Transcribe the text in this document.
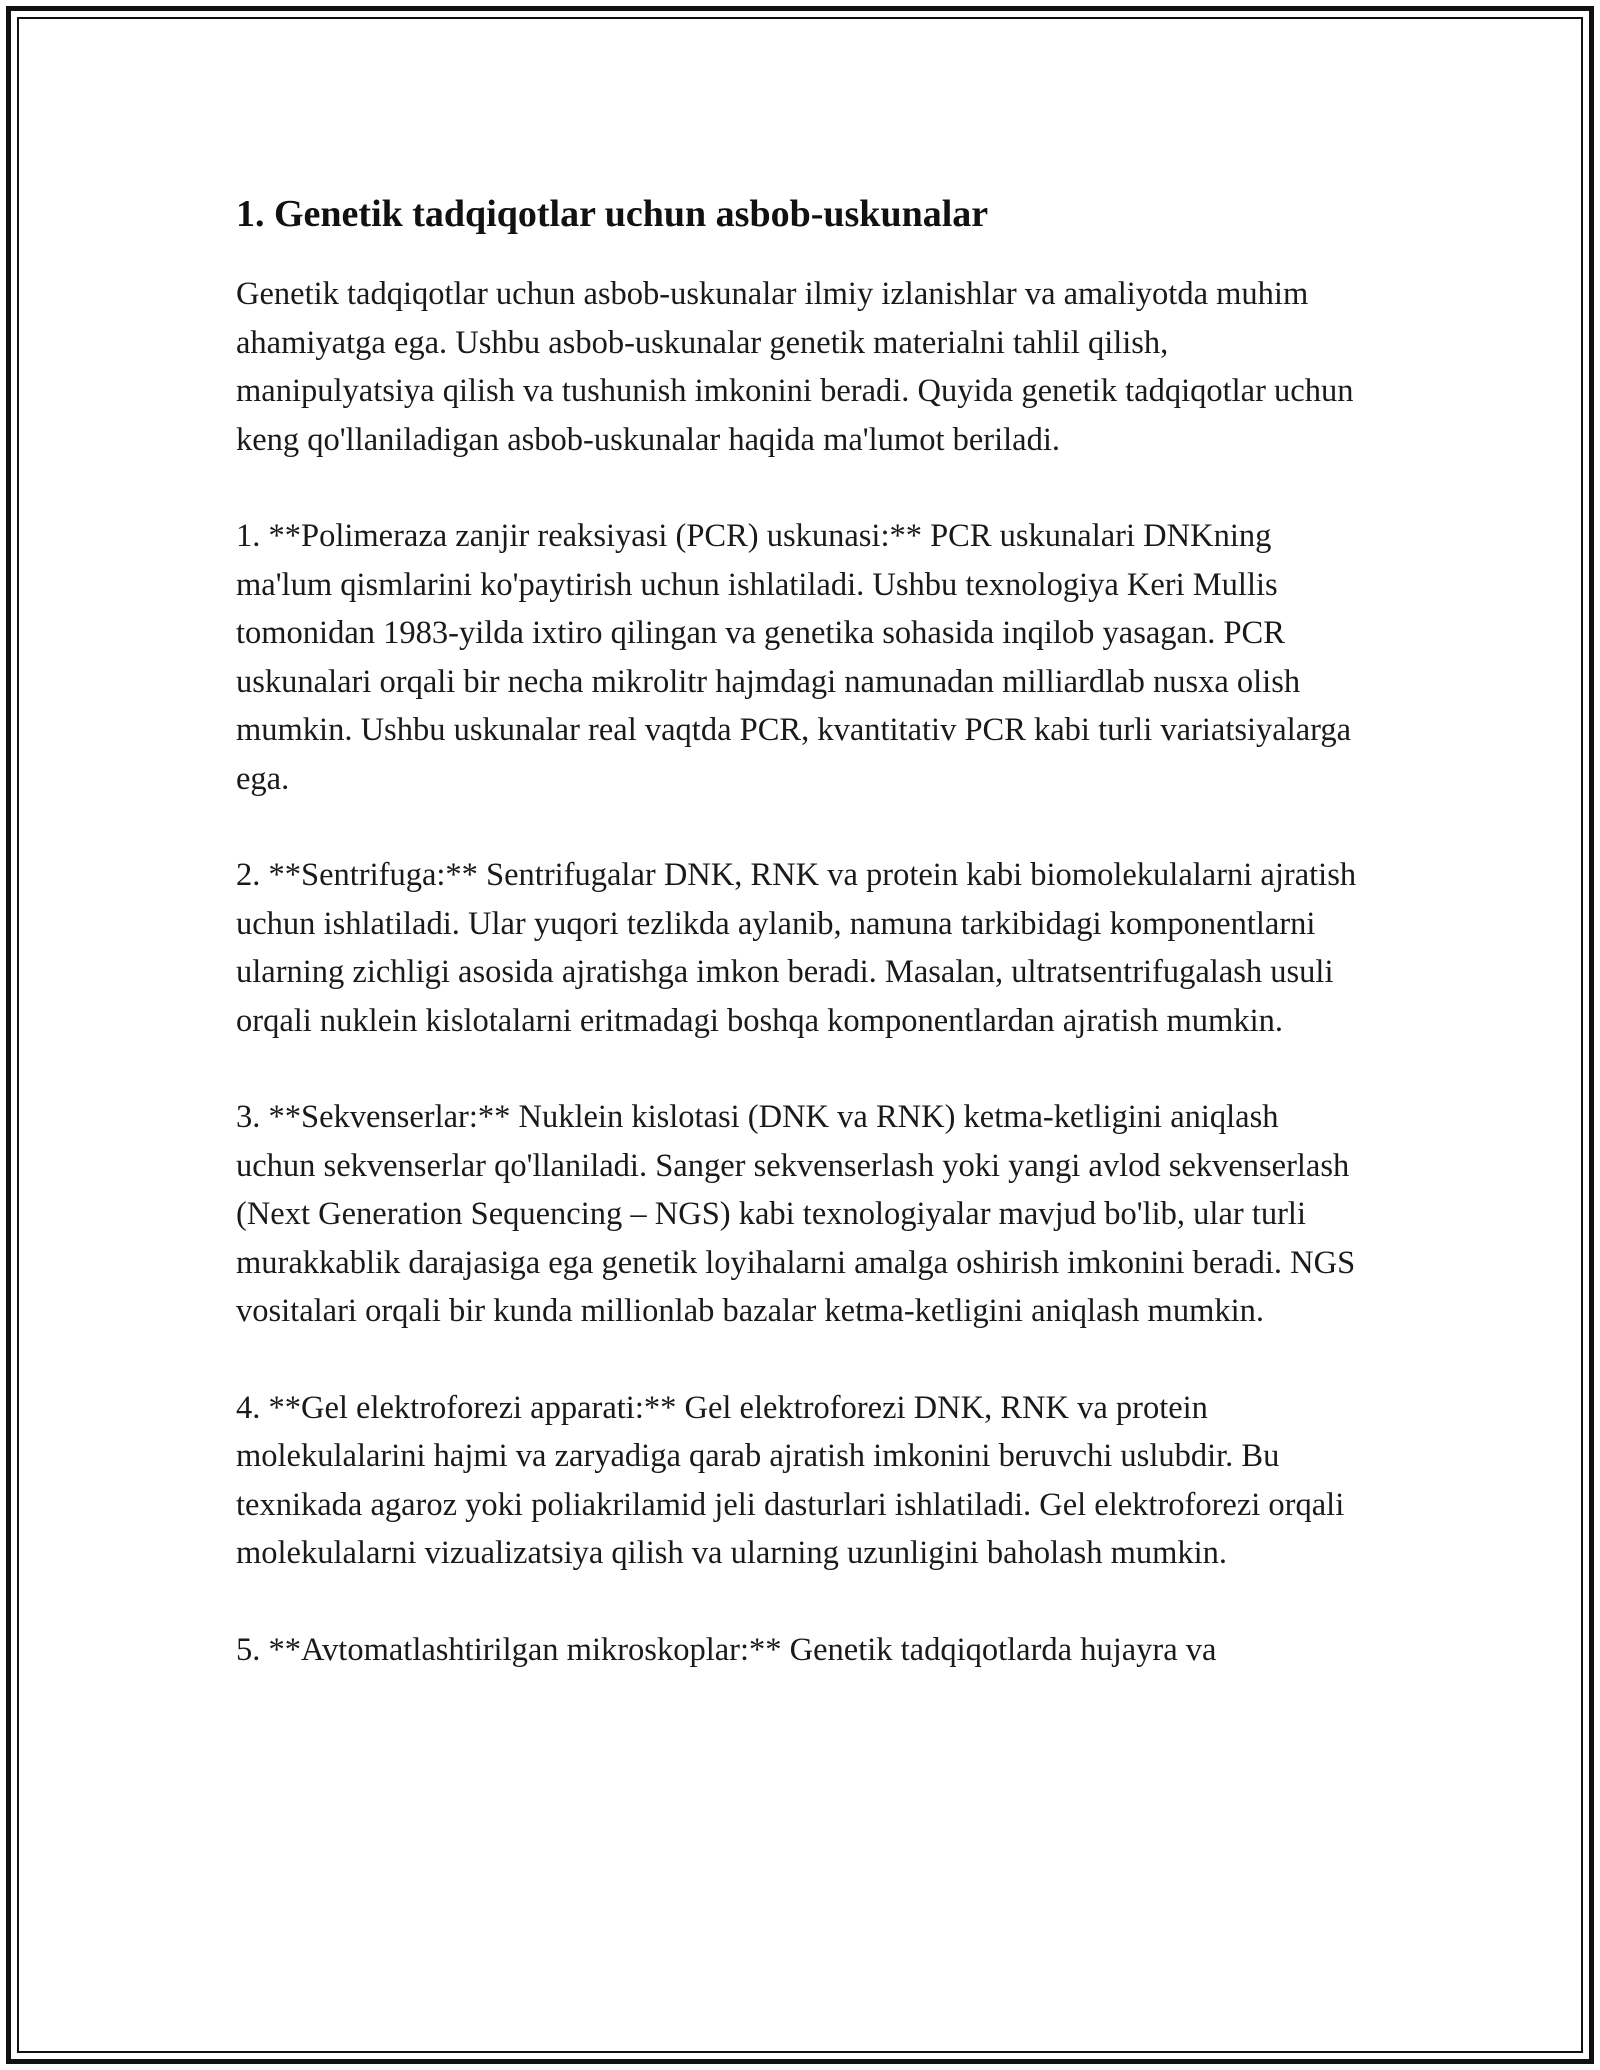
1. Genetik tadqiqotlar uchun asbob-uskunalar

Genetik tadqiqotlar uchun asbob-uskunalar ilmiy izlanishlar va amaliyotda muhim ahamiyatga ega. Ushbu asbob-uskunalar genetik materialni tahlil qilish, manipulyatsiya qilish va tushunish imkonini beradi. Quyida genetik tadqiqotlar uchun keng qo'llaniladigan asbob-uskunalar haqida ma'lumot beriladi.

1. **Polimeraza zanjir reaksiyasi (PCR) uskunasi:** PCR uskunalari DNKning ma'lum qismlarini ko'paytirish uchun ishlatiladi. Ushbu texnologiya Keri Mullis tomonidan 1983-yilda ixtiro qilingan va genetika sohasida inqilob yasagan. PCR uskunalari orqali bir necha mikrolitr hajmdagi namunadan milliardlab nusxa olish mumkin. Ushbu uskunalar real vaqtda PCR, kvantitativ PCR kabi turli variatsiyalarga ega.

2. **Sentrifuga:** Sentrifugalar DNK, RNK va protein kabi biomolekulalarni ajratish uchun ishlatiladi. Ular yuqori tezlikda aylanib, namuna tarkibidagi komponentlarni ularning zichligi asosida ajratishga imkon beradi. Masalan, ultratsentrifugalash usuli orqali nuklein kislotalarni eritmadagi boshqa komponentlardan ajratish mumkin.

3. **Sekvenserlar:** Nuklein kislotasi (DNK va RNK) ketma-ketligini aniqlash uchun sekvenserlar qo'llaniladi. Sanger sekvenserlash yoki yangi avlod sekvenserlash (Next Generation Sequencing – NGS) kabi texnologiyalar mavjud bo'lib, ular turli murakkablik darajasiga ega genetik loyihalarni amalga oshirish imkonini beradi. NGS vositalari orqali bir kunda millionlab bazalar ketma-ketligini aniqlash mumkin.

4. **Gel elektroforezi apparati:** Gel elektroforezi DNK, RNK va protein molekulalarini hajmi va zaryadiga qarab ajratish imkonini beruvchi uslubdir. Bu texnikada agaroz yoki poliakrilamid jeli dasturlari ishlatiladi. Gel elektroforezi orqali molekulalarni vizualizatsiya qilish va ularning uzunligini baholash mumkin.

5. **Avtomatlashtirilgan mikroskoplar:** Genetik tadqiqotlarda hujayra va
